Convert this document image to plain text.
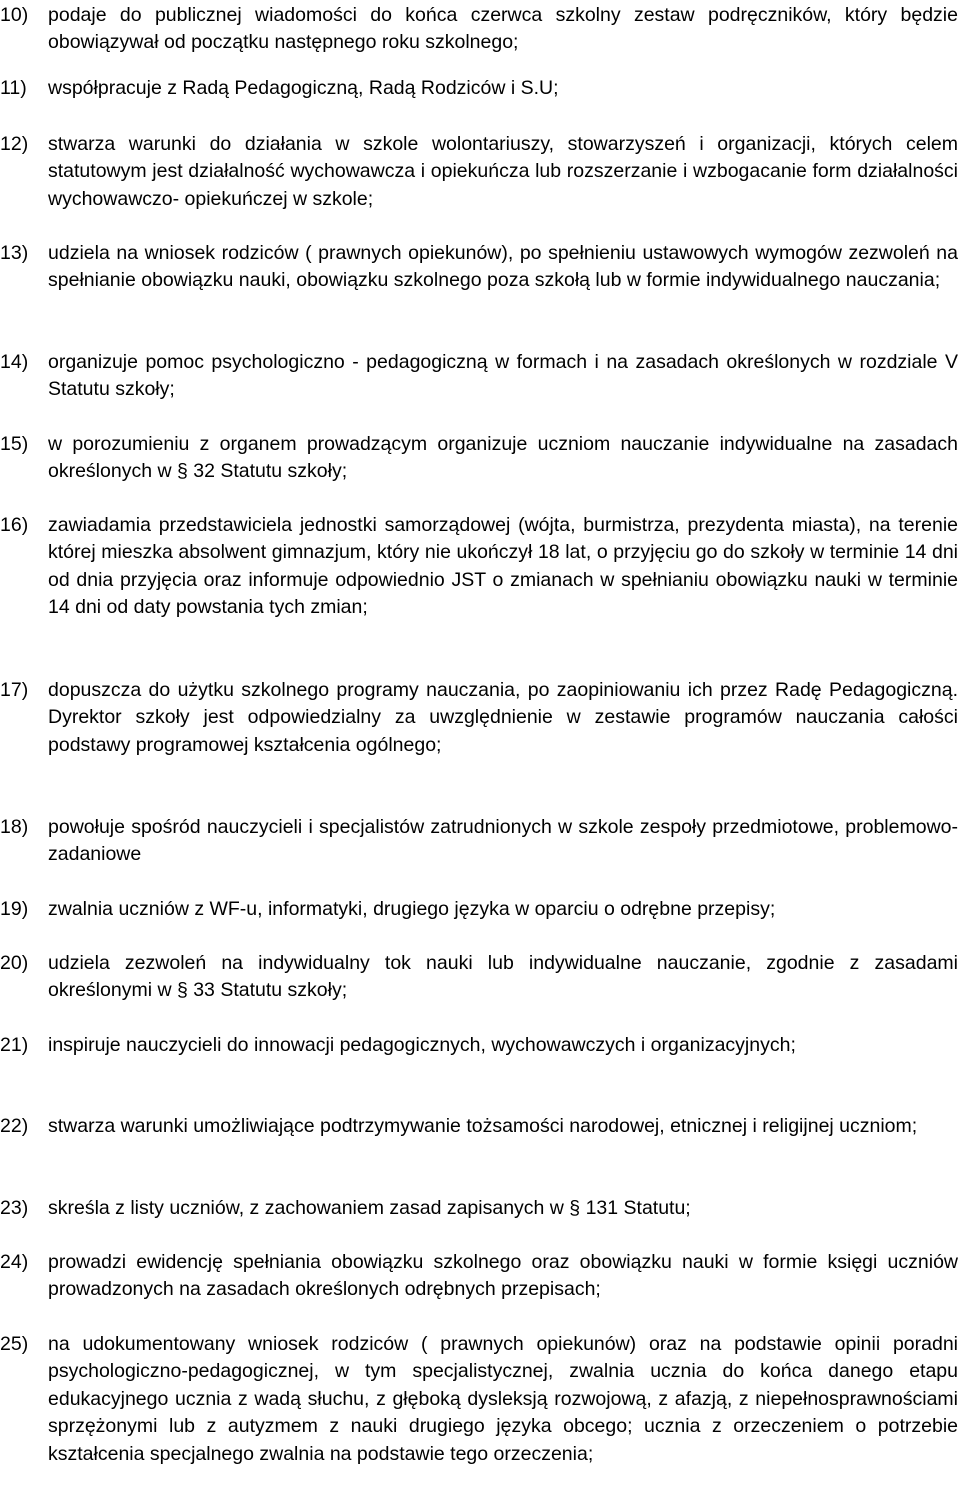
10)	podaje do publicznej wiadomości do końca czerwca szkolny zestaw podręczników, który będzie obowiązywał od początku następnego roku szkolnego;

11)	współpracuje z Radą Pedagogiczną, Radą Rodziców i S.U;

12)	stwarza warunki do działania w szkole wolontariuszy, stowarzyszeń i organizacji, których celem statutowym jest działalność wychowawcza i opiekuńcza lub rozszerzanie i wzbogacanie form działalności wychowawczo- opiekuńczej w szkole;

13)	udziela na wniosek rodziców ( prawnych opiekunów), po spełnieniu ustawowych wymogów zezwoleń na spełnianie obowiązku nauki, obowiązku szkolnego poza szkołą lub w formie indywidualnego nauczania;

14)	organizuje pomoc psychologiczno - pedagogiczną w formach i na zasadach określonych w rozdziale V Statutu szkoły;

15)	w porozumieniu z organem prowadzącym organizuje uczniom nauczanie indywidualne na zasadach określonych w § 32 Statutu szkoły;

16)	zawiadamia przedstawiciela jednostki samorządowej (wójta, burmistrza, prezydenta miasta), na terenie której mieszka absolwent gimnazjum, który nie ukończył 18 lat, o przyjęciu go do szkoły w terminie 14 dni od dnia przyjęcia oraz informuje odpowiednio JST o zmianach w spełnianiu obowiązku nauki w terminie 14 dni od daty powstania tych zmian;

17)	dopuszcza do użytku szkolnego programy nauczania, po zaopiniowaniu ich przez Radę Pedagogiczną. Dyrektor szkoły jest odpowiedzialny za uwzględnienie w zestawie programów nauczania całości podstawy programowej kształcenia ogólnego;

18)	powołuje spośród nauczycieli i specjalistów zatrudnionych w szkole zespoły przedmiotowe, problemowo-zadaniowe

19)	zwalnia uczniów z WF-u, informatyki, drugiego języka w oparciu o odrębne przepisy;

20)	udziela zezwoleń na indywidualny tok nauki lub indywidualne nauczanie, zgodnie z zasadami określonymi w § 33 Statutu szkoły;

21)	inspiruje nauczycieli do innowacji pedagogicznych, wychowawczych i organizacyjnych;

22)	stwarza warunki umożliwiające podtrzymywanie tożsamości narodowej, etnicznej i religijnej uczniom;

23)	skreśla z listy uczniów, z zachowaniem zasad zapisanych w § 131 Statutu;

24)	prowadzi ewidencję spełniania obowiązku szkolnego oraz obowiązku nauki w formie księgi uczniów prowadzonych na zasadach określonych odrębnych przepisach;

25)	na udokumentowany wniosek rodziców ( prawnych opiekunów) oraz na podstawie opinii poradni psychologiczno-pedagogicznej, w tym specjalistycznej, zwalnia ucznia do końca danego etapu edukacyjnego ucznia z wadą słuchu, z głęboką dysleksją rozwojową, z afazją, z niepełnosprawnościami sprzężonymi lub z autyzmem z nauki drugiego języka obcego; ucznia z orzeczeniem o potrzebie kształcenia specjalnego zwalnia na podstawie tego orzeczenia;
